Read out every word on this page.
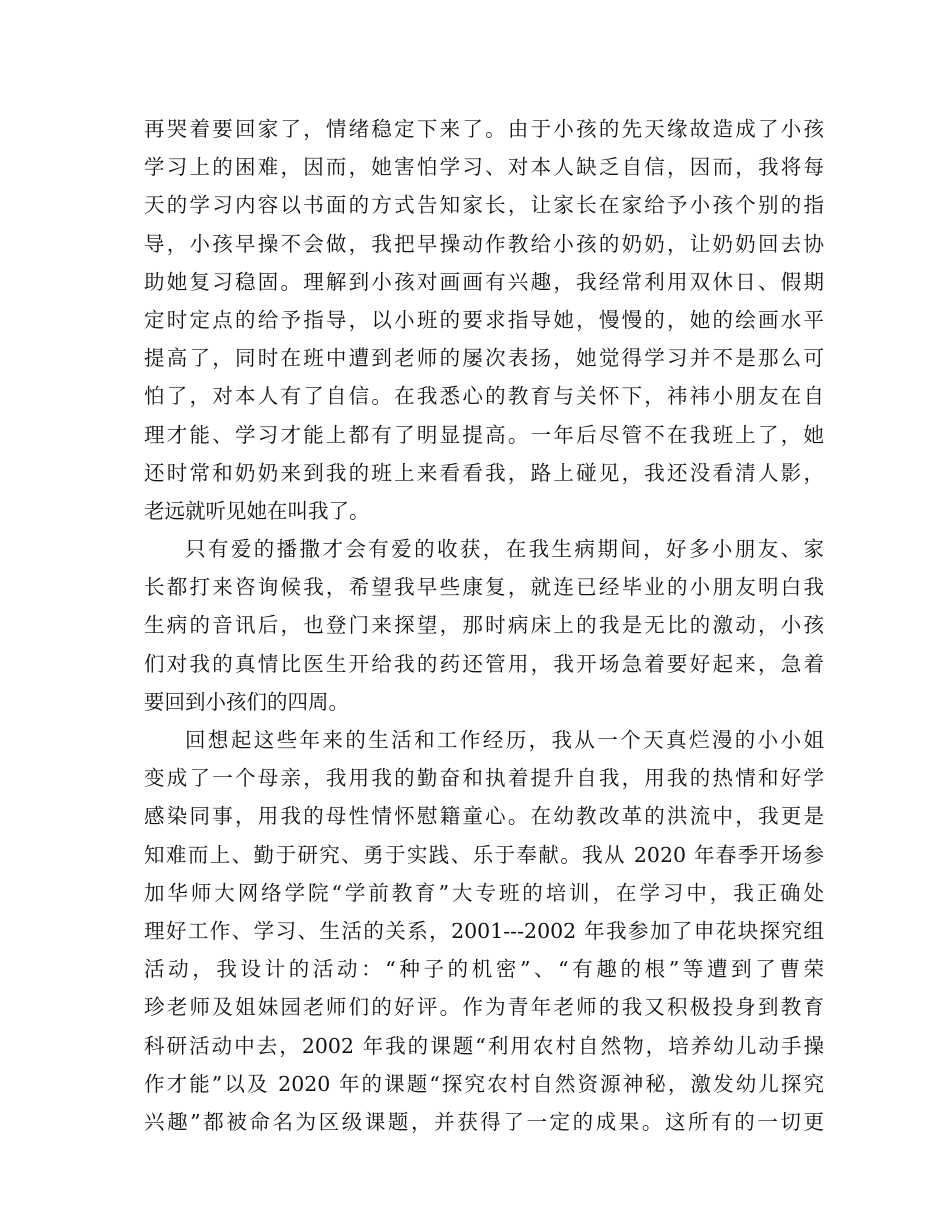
再哭着要回家了，情绪稳定下来了。由于小孩的先天缘故造成了小孩
学习上的困难，因而，她害怕学习、对本人缺乏自信，因而，我将每
天的学习内容以书面的方式告知家长，让家长在家给予小孩个别的指
导，小孩早操不会做，我把早操动作教给小孩的奶奶，让奶奶回去协
助她复习稳固。理解到小孩对画画有兴趣，我经常利用双休日、假期
定时定点的给予指导，以小班的要求指导她，慢慢的，她的绘画水平
提高了，同时在班中遭到老师的屡次表扬，她觉得学习并不是那么可
怕了，对本人有了自信。在我悉心的教育与关怀下，祎祎小朋友在自
理才能、学习才能上都有了明显提高。一年后尽管不在我班上了，她
还时常和奶奶来到我的班上来看看我，路上碰见，我还没看清人影，
老远就听见她在叫我了。
只有爱的播撒才会有爱的收获，在我生病期间，好多小朋友、家
长都打来咨询候我，希望我早些康复，就连已经毕业的小朋友明白我
生病的音讯后，也登门来探望，那时病床上的我是无比的激动，小孩
们对我的真情比医生开给我的药还管用，我开场急着要好起来，急着
要回到小孩们的四周。
回想起这些年来的生活和工作经历，我从一个天真烂漫的小小姐
变成了一个母亲，我用我的勤奋和执着提升自我，用我的热情和好学
感染同事，用我的母性情怀慰籍童心。在幼教改革的洪流中，我更是
知难而上、勤于研究、勇于实践、乐于奉献。我从 2020 年春季开场参
加华师大网络学院“学前教育”大专班的培训，在学习中，我正确处
理好工作、学习、生活的关系，2001---2002 年我参加了申花块探究组
活动，我设计的活动：“种子的机密”、“有趣的根”等遭到了曹荣
珍老师及姐妹园老师们的好评。作为青年老师的我又积极投身到教育
科研活动中去，2002 年我的课题“利用农村自然物，培养幼儿动手操
作才能”以及 2020 年的课题“探究农村自然资源神秘，激发幼儿探究
兴趣”都被命名为区级课题，并获得了一定的成果。这所有的一切更
